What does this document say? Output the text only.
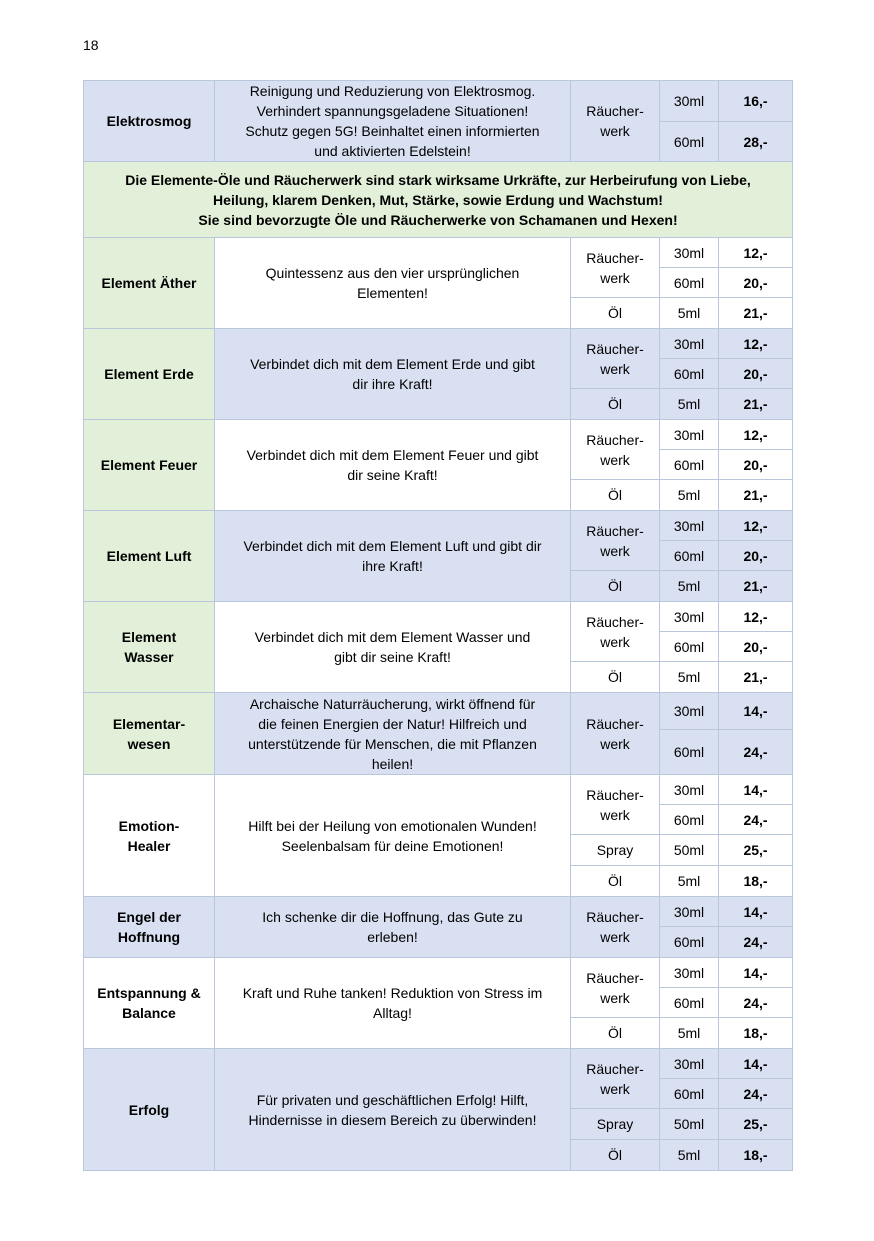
18
Elektrosmog	Reinigung und Reduzierung von Elektrosmog.
Verhindert spannungsgeladene Situationen!
Schutz gegen 5G! Beinhaltet einen informierten
und aktivierten Edelstein!	Räucher-
werk	30ml	16,-
			60ml	28,-
Die Elemente-Öle und Räucherwerk sind stark wirksame Urkräfte, zur Herbeirufung von Liebe,
Heilung, klarem Denken, Mut, Stärke, sowie Erdung und Wachstum!
Sie sind bevorzugte Öle und Räucherwerke von Schamanen und Hexen!				
Element Äther	Quintessenz aus den vier ursprünglichen
Elementen!	Räucher-
werk	30ml	12,-
			60ml	20,-
		Öl	5ml	21,-
Element Erde	Verbindet dich mit dem Element Erde und gibt
dir ihre Kraft!	Räucher-
werk	30ml	12,-
			60ml	20,-
		Öl	5ml	21,-
Element Feuer	Verbindet dich mit dem Element Feuer und gibt
dir seine Kraft!	Räucher-
werk	30ml	12,-
			60ml	20,-
		Öl	5ml	21,-
Element Luft	Verbindet dich mit dem Element Luft und gibt dir
ihre Kraft!	Räucher-
werk	30ml	12,-
			60ml	20,-
		Öl	5ml	21,-
Element
Wasser	Verbindet dich mit dem Element Wasser und
gibt dir seine Kraft!	Räucher-
werk	30ml	12,-
			60ml	20,-
		Öl	5ml	21,-
Elementar-
wesen	Archaische Naturräucherung, wirkt öffnend für
die feinen Energien der Natur! Hilfreich und
unterstützende für Menschen, die mit Pflanzen
heilen!	Räucher-
werk	30ml	14,-
			60ml	24,-
Emotion-
Healer	Hilft bei der Heilung von emotionalen Wunden!
Seelenbalsam für deine Emotionen!	Räucher-
werk	30ml	14,-
			60ml	24,-
		Spray	50ml	25,-
		Öl	5ml	18,-
Engel der
Hoffnung	Ich schenke dir die Hoffnung, das Gute zu
erleben!	Räucher-
werk	30ml	14,-
			60ml	24,-
Entspannung &
Balance	Kraft und Ruhe tanken! Reduktion von Stress im
Alltag!	Räucher-
werk	30ml	14,-
			60ml	24,-
		Öl	5ml	18,-
Erfolg	Für privaten und geschäftlichen Erfolg! Hilft,
Hindernisse in diesem Bereich zu überwinden!	Räucher-
werk	30ml	14,-
			60ml	24,-
		Spray	50ml	25,-
		Öl	5ml	18,-
